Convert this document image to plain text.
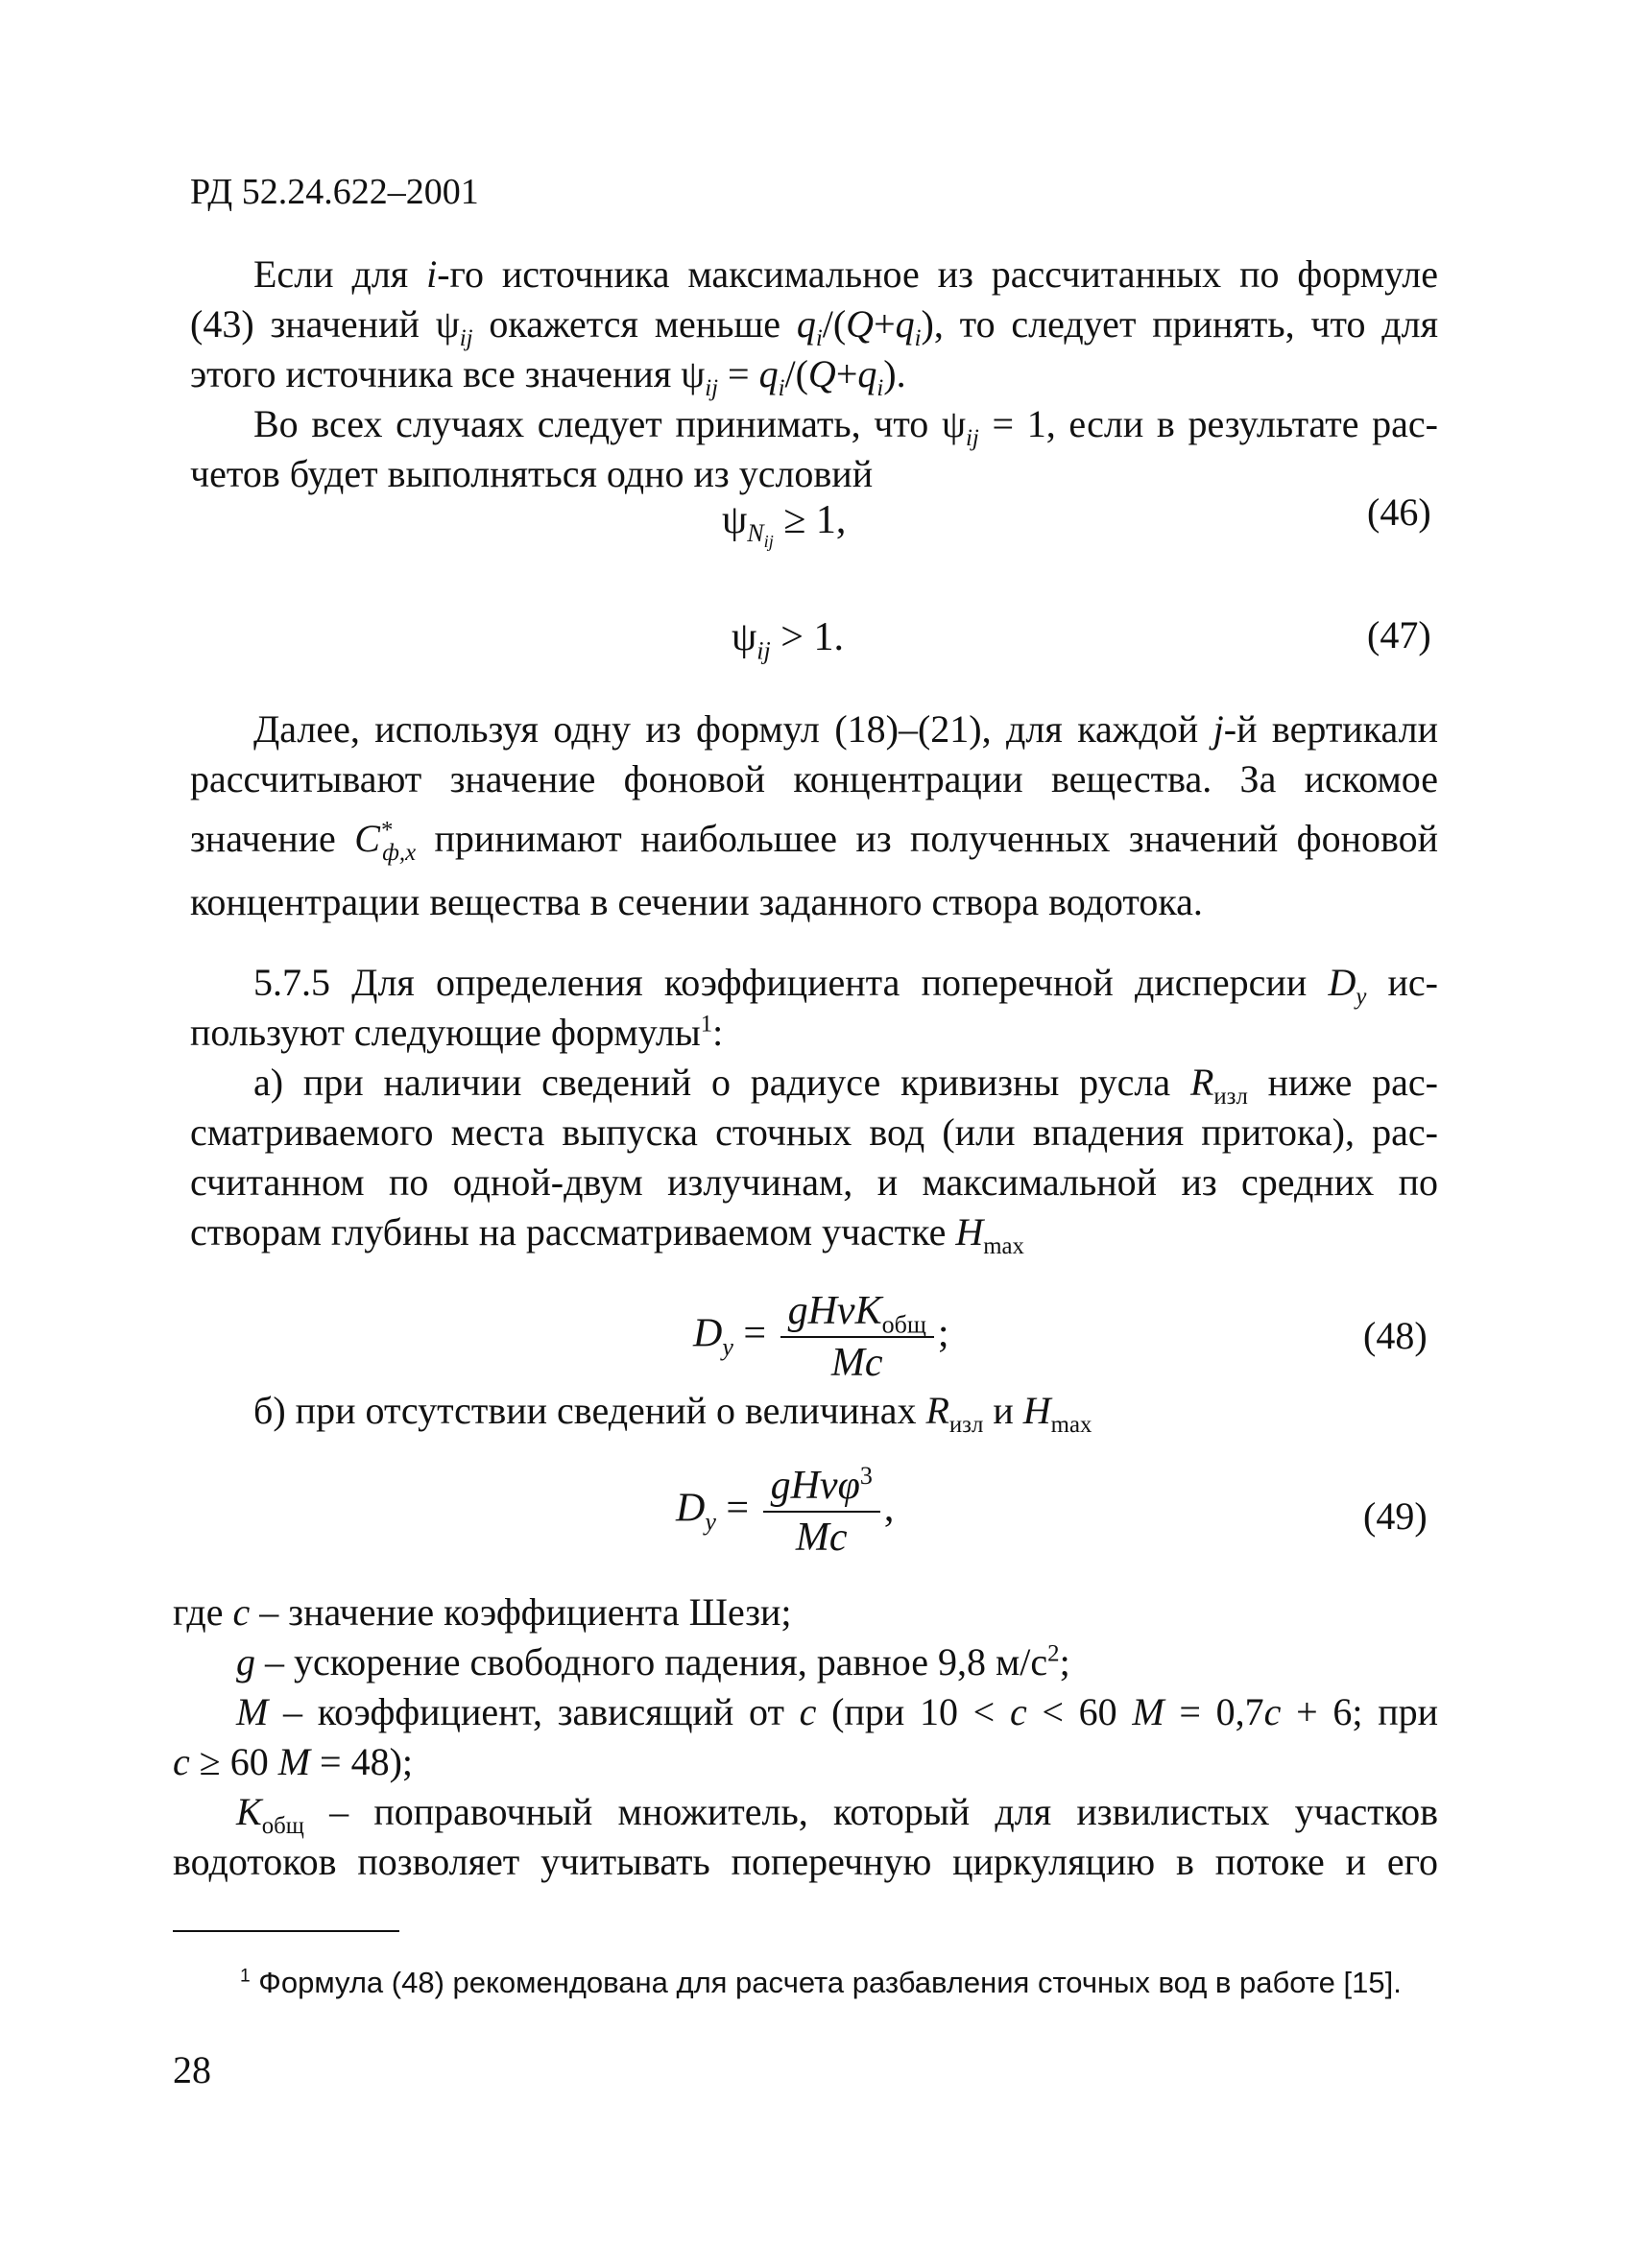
РД 52.24.622–2001
Если для i-го источника максимальное из рассчитанных по формуле
(43) значений $\psi_{ij}$ окажется меньше $q_i/(Q+q_i)$, то следует принять, что для
этого источника все значения $\psi_{ij} = q_i/(Q+q_i)$.
Во всех случаях следует принимать, что $\psi_{ij} = 1$, если в результате рас-
четов будет выполняться одно из условий
$\psi_{N_{ij}} \ge 1$,	(46)
$\psi_{ij} > 1$.	(47)
Далее, используя одну из формул (18)–(21), для каждой j-й вертикали
рассчитывают значение фоновой концентрации вещества. За искомое
значение $C^*_{ф,x}$ принимают наибольшее из полученных значений фоновой
концентрации вещества в сечении заданного створа водотока.
5.7.5 Для определения коэффициента поперечной дисперсии $D_y$ ис-
пользуют следующие формулы$^1$:
а) при наличии сведений о радиусе кривизны русла $R_{изл}$ ниже рас-
сматриваемого места выпуска сточных вод (или впадения притока), рас-
считанном по одной-двум излучинам, и максимальной из средних по
створам глубины на рассматриваемом участке $H_{max}$
$D_y = \frac{gHvK_{общ}}{Mc}$ ;	(48)
б) при отсутствии сведений о величинах $R_{изл}$ и $H_{max}$
$D_y = \frac{gHv\varphi^3}{Mc}$ ,	(49)
где c – значение коэффициента Шези;
g – ускорение свободного падения, равное 9,8 $м/с^2$;
M – коэффициент, зависящий от c (при 10 < c < 60 M = 0,7c + 6; при
c ≥ 60 M = 48);
$K_{общ}$ – поправочный множитель, который для извилистых участков
водотоков позволяет учитывать поперечную циркуляцию в потоке и его
$^1$ Формула (48) рекомендована для расчета разбавления сточных вод в работе [15].
28
